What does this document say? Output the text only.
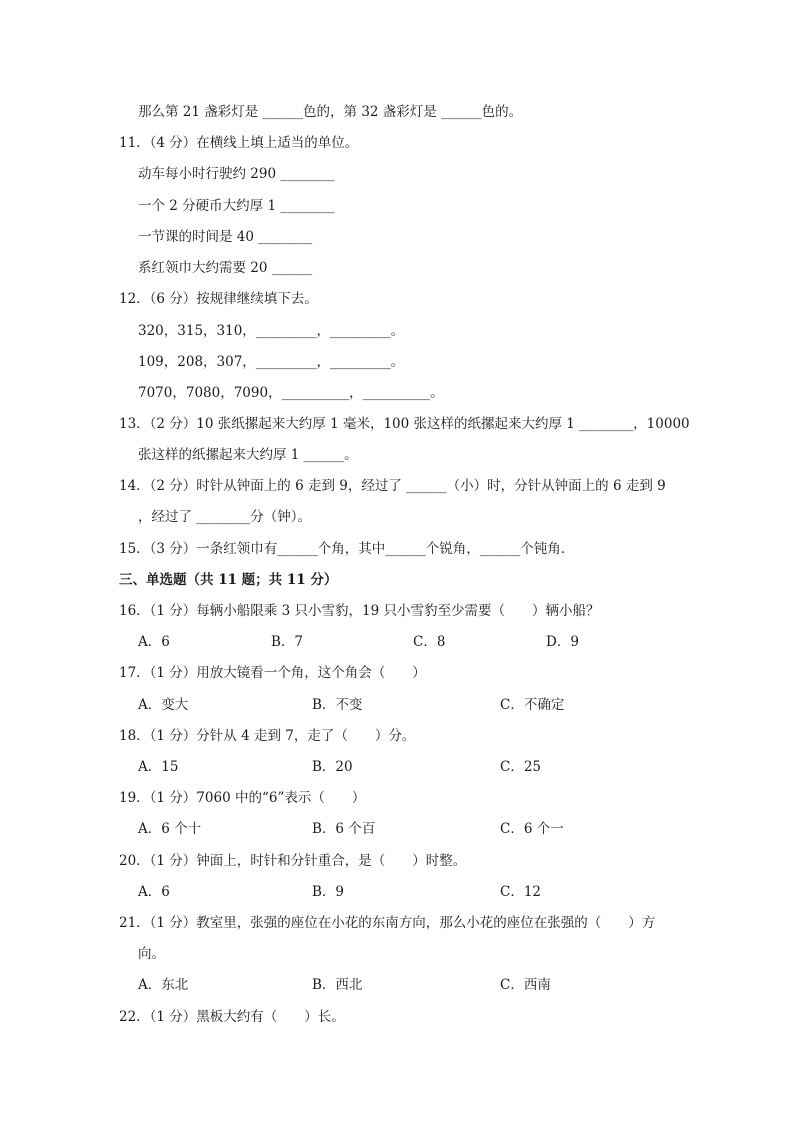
那么第 21 盏彩灯是 ______色的，第 32 盏彩灯是 ______色的。
11．（4 分）在横线上填上适当的单位。
动车每小时行驶约 290 ________
一个 2 分硬币大约厚 1 ________
一节课的时间是 40 ________
系红领巾大约需要 20 ______
12．（6 分）按规律继续填下去。
320，315，310，_________，_________。
109，208，307，_________，_________。
7070，7080，7090，__________，__________。
13．（2 分）10 张纸摞起来大约厚 1 毫米，100 张这样的纸摞起来大约厚 1 ________，10000
张这样的纸摞起来大约厚 1 ______。
14．（2 分）时针从钟面上的 6 走到 9，经过了 ______（小）时，分针从钟面上的 6 走到 9
，经过了 ________分（钟）。
15．（3 分）一条红领巾有______个角，其中______个锐角，______个钝角．
三、单选题（共 11 题；共 11 分）
16．（1 分）每辆小船限乘 3 只小雪豹，19 只小雪豹至少需要（　　）辆小船？
A．6	B．7	C．8	D．9
17．（1 分）用放大镜看一个角，这个角会（　　）
A．变大	B．不变	C．不确定
18．（1 分）分针从 4 走到 7，走了（　　）分。
A．15	B．20	C．25
19．（1 分）7060 中的“6”表示（　　）
A．6 个十	B．6 个百	C．6 个一
20．（1 分）钟面上，时针和分针重合，是（　　）时整。
A．6	B．9	C．12
21．（1 分）教室里，张强的座位在小花的东南方向，那么小花的座位在张强的（　　）方
向。
A．东北	B．西北	C．西南
22．（1 分）黑板大约有（　　）长。
